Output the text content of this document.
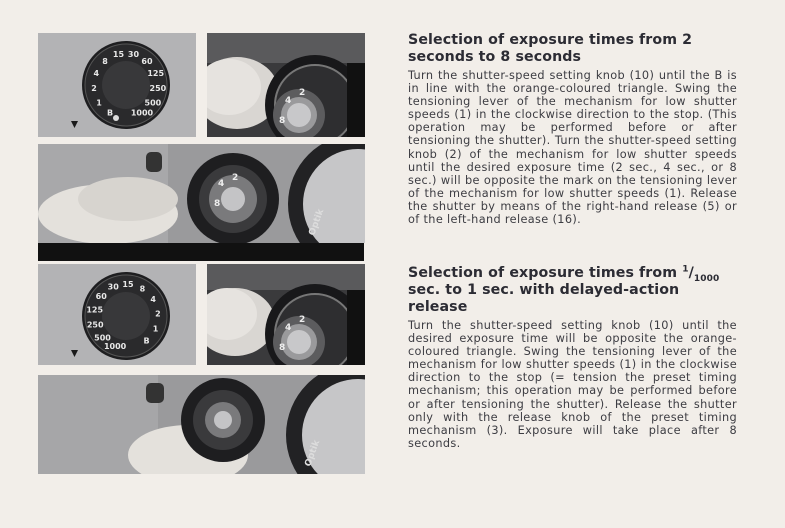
B
1
2
4
8
15 30
60
125
250
500
1000
8
4
2
8
4
2
Optik
1000
500
250
125
60
30 15 8
4
2
1
B
8
4
2
Optik
Selection of exposure times from 2 seconds to 8 seconds

Turn the shutter-speed setting knob (10) until the B is in line with the orange-coloured triangle. Swing the tensioning lever of the mechanism for low shutter speeds (1) in the clockwise direction to the stop. (This operation may be performed before or after tensioning the shutter). Turn the shutter-speed setting knob (2) of the mechanism for low shutter speeds until the desired exposure time (2 sec., 4 sec., or 8 sec.) will be opposite the mark on the tensioning lever of the mechanism for low shutter speeds (1). Release the shutter by means of the right-hand release (5) or of the left-hand release (16).

Selection of exposure times from $^1/_{1000}$ sec. to 1 sec. with delayed-action release

Turn the shutter-speed setting knob (10) until the desired exposure time will be opposite the orange-coloured triangle. Swing the tensioning lever of the mechanism for low shutter speeds (1) in the clockwise direction to the stop (= tension the preset timing mechanism; this operation may be performed before or after tensioning the shutter). Release the shutter only with the release knob of the preset timing mechanism (3). Exposure will take place after 8 seconds.
